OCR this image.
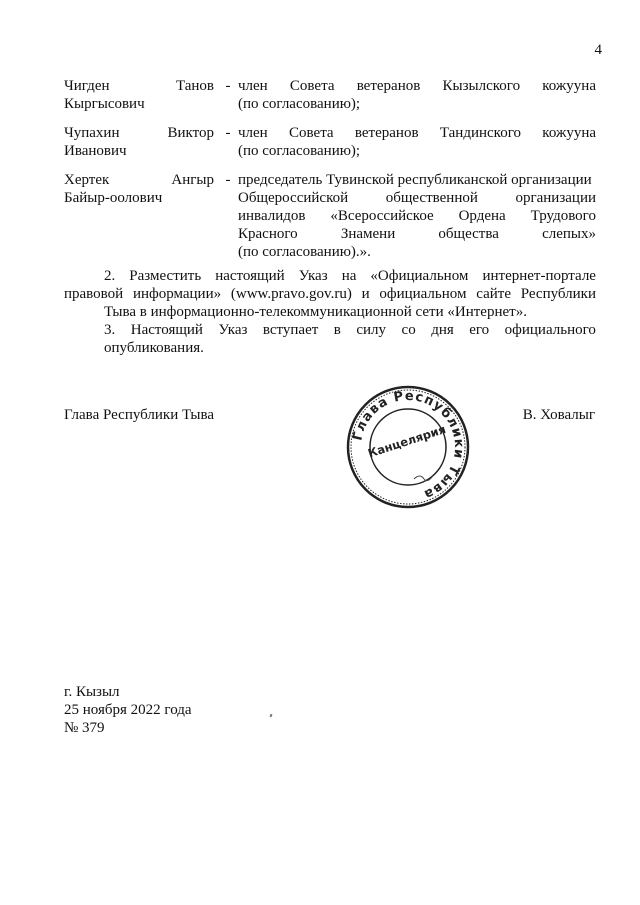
4
Чигден	Танов
Кыргысович
- член Совета ветеранов Кызылского кожууна
(по согласованию);
Чупахин	Виктор
Иванович
- член Совета ветеранов Тандинского кожууна
(по согласованию);
Хертек	Ангыр
Байыр-оолович
- председатель Тувинской республиканской организации
Общероссийской	общественной	организации
инвалидов «Всероссийское Ордена Трудового
Красного	Знамени	общества	слепых»
(по согласованию).».
2. Разместить настоящий Указ на «Официальном интернет-портале
правовой информации» (www.pravo.gov.ru) и официальном сайте Республики
Тыва в информационно-телекоммуникационной сети «Интернет».
3. Настоящий Указ вступает в силу со дня его официального
опубликования.
Глава Республики Тыва	В. Ховалыг
Глава Республики Тыва
Канцелярия
г. Кызыл
25 ноября 2022 года
№ 379
